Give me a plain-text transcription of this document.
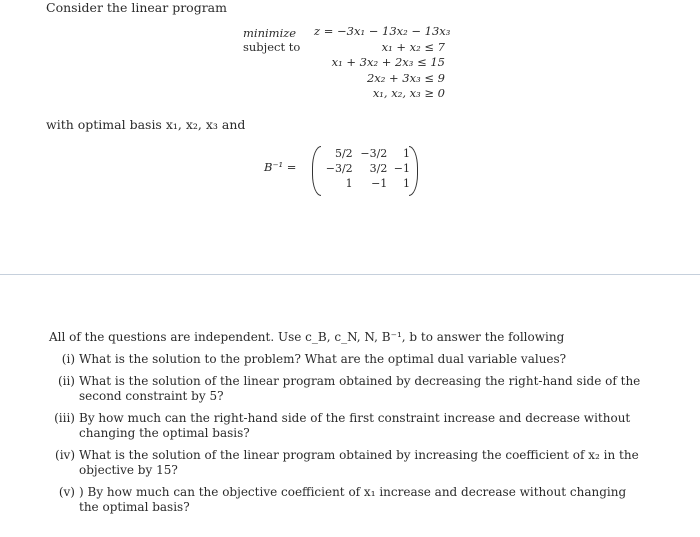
Consider the linear program
minimize
subject to
z = −3x₁ − 13x₂ − 13x₃
x₁ + x₂ ≤ 7
x₁ + 3x₂ + 2x₃ ≤ 15
2x₂ + 3x₃ ≤ 9
x₁, x₂, x₃ ≥ 0
with optimal basis x₁, x₂, x₃ and
B⁻¹ =
5/2	−3/2	1
−3/2	3/2	−1
1	−1	1
All of the questions are independent. Use c_B, c_N, N, B⁻¹, b to answer the following
(i) What is the solution to the problem? What are the optimal dual variable values?
(ii) What is the solution of the linear program obtained by decreasing the right-hand side of the second constraint by 5?
(iii) By how much can the right-hand side of the first constraint increase and decrease without changing the optimal basis?
(iv) What is the solution of the linear program obtained by increasing the coefficient of x₂ in the objective by 15?
(v) ) By how much can the objective coefficient of x₁ increase and decrease without changing the optimal basis?
